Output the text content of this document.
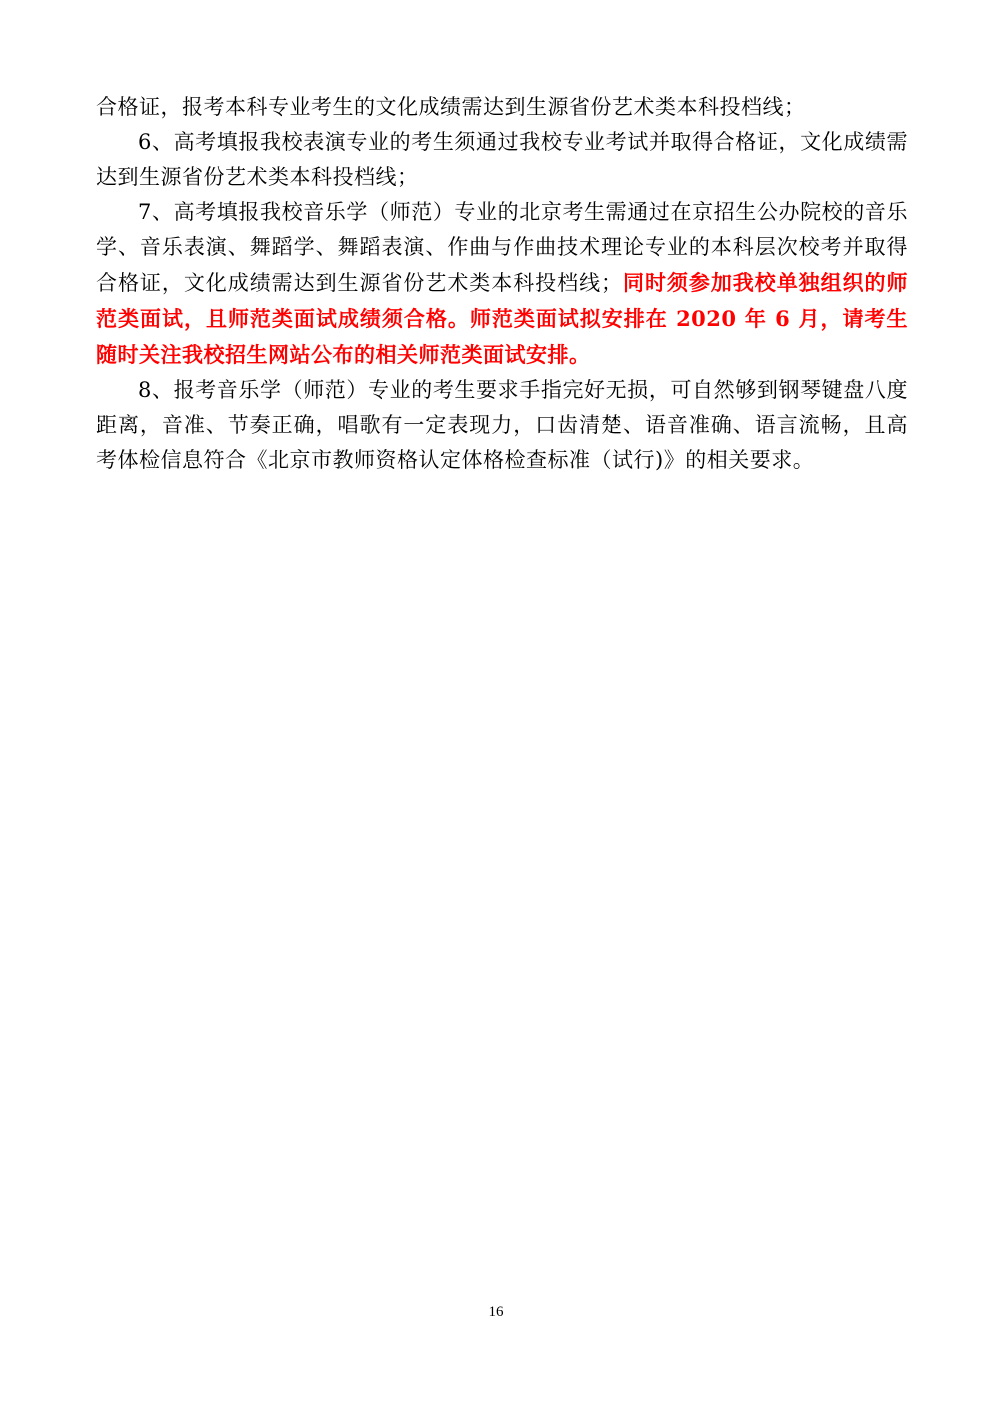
合格证，报考本科专业考生的文化成绩需达到生源省份艺术类本科投档线；

6、高考填报我校表演专业的考生须通过我校专业考试并取得合格证，文化成绩需达到生源省份艺术类本科投档线；

7、高考填报我校音乐学（师范）专业的北京考生需通过在京招生公办院校的音乐学、音乐表演、舞蹈学、舞蹈表演、作曲与作曲技术理论专业的本科层次校考并取得合格证，文化成绩需达到生源省份艺术类本科投档线；同时须参加我校单独组织的师范类面试，且师范类面试成绩须合格。师范类面试拟安排在 2020 年 6 月，请考生随时关注我校招生网站公布的相关师范类面试安排。

8、报考音乐学（师范）专业的考生要求手指完好无损，可自然够到钢琴键盘八度距离，音准、节奏正确，唱歌有一定表现力，口齿清楚、语音准确、语言流畅，且高考体检信息符合《北京市教师资格认定体格检查标准（试行)》的相关要求。

16
